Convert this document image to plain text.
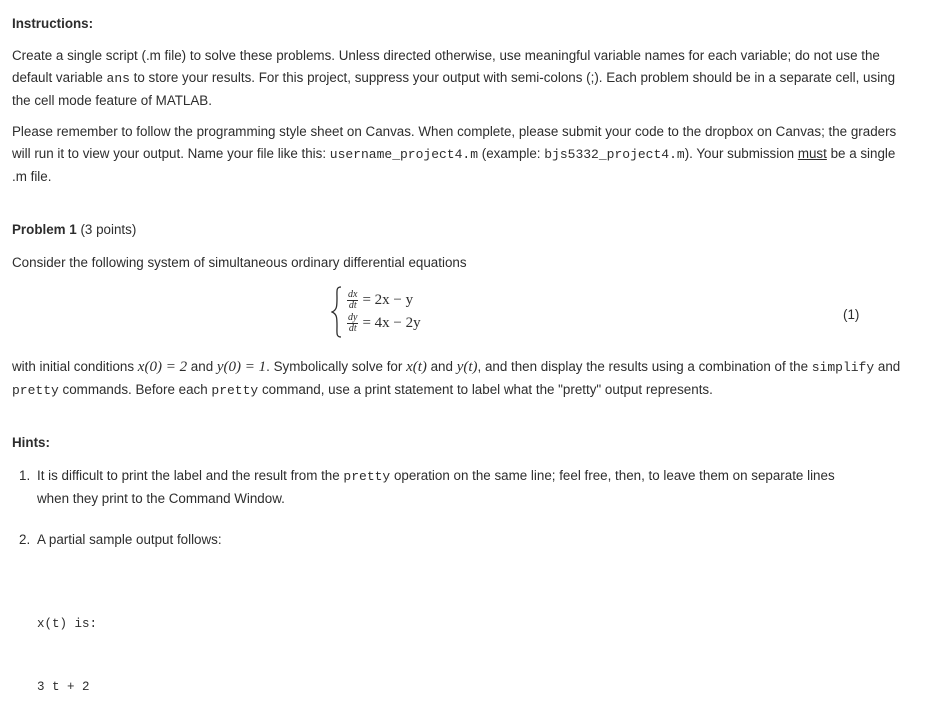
Instructions:

Create a single script (.m file) to solve these problems. Unless directed otherwise, use meaningful variable names for each variable; do not use the default variable ans to store your results. For this project, suppress your output with semi-colons (;). Each problem should be in a separate cell, using the cell mode feature of MATLAB.

Please remember to follow the programming style sheet on Canvas. When complete, please submit your code to the dropbox on Canvas; the graders will run it to view your output. Name your file like this: username_project4.m (example: bjs5332_project4.m). Your submission must be a single .m file.

Problem 1 (3 points)
Consider the following system of simultaneous ordinary differential equations
$\frac{dx}{dt} = 2x - y$
$\frac{dy}{dt} = 4x - 2y$
(1)

with initial conditions x(0) = 2 and y(0) = 1. Symbolically solve for x(t) and y(t), and then display the results using a combination of the simplify and pretty commands. Before each pretty command, use a print statement to label what the "pretty" output represents.

Hints:
1. It is difficult to print the label and the result from the pretty operation on the same line; feel free, then, to leave them on separate lines when they print to the Command Window.
2. A partial sample output follows:

x(t) is:

3 t + 2
